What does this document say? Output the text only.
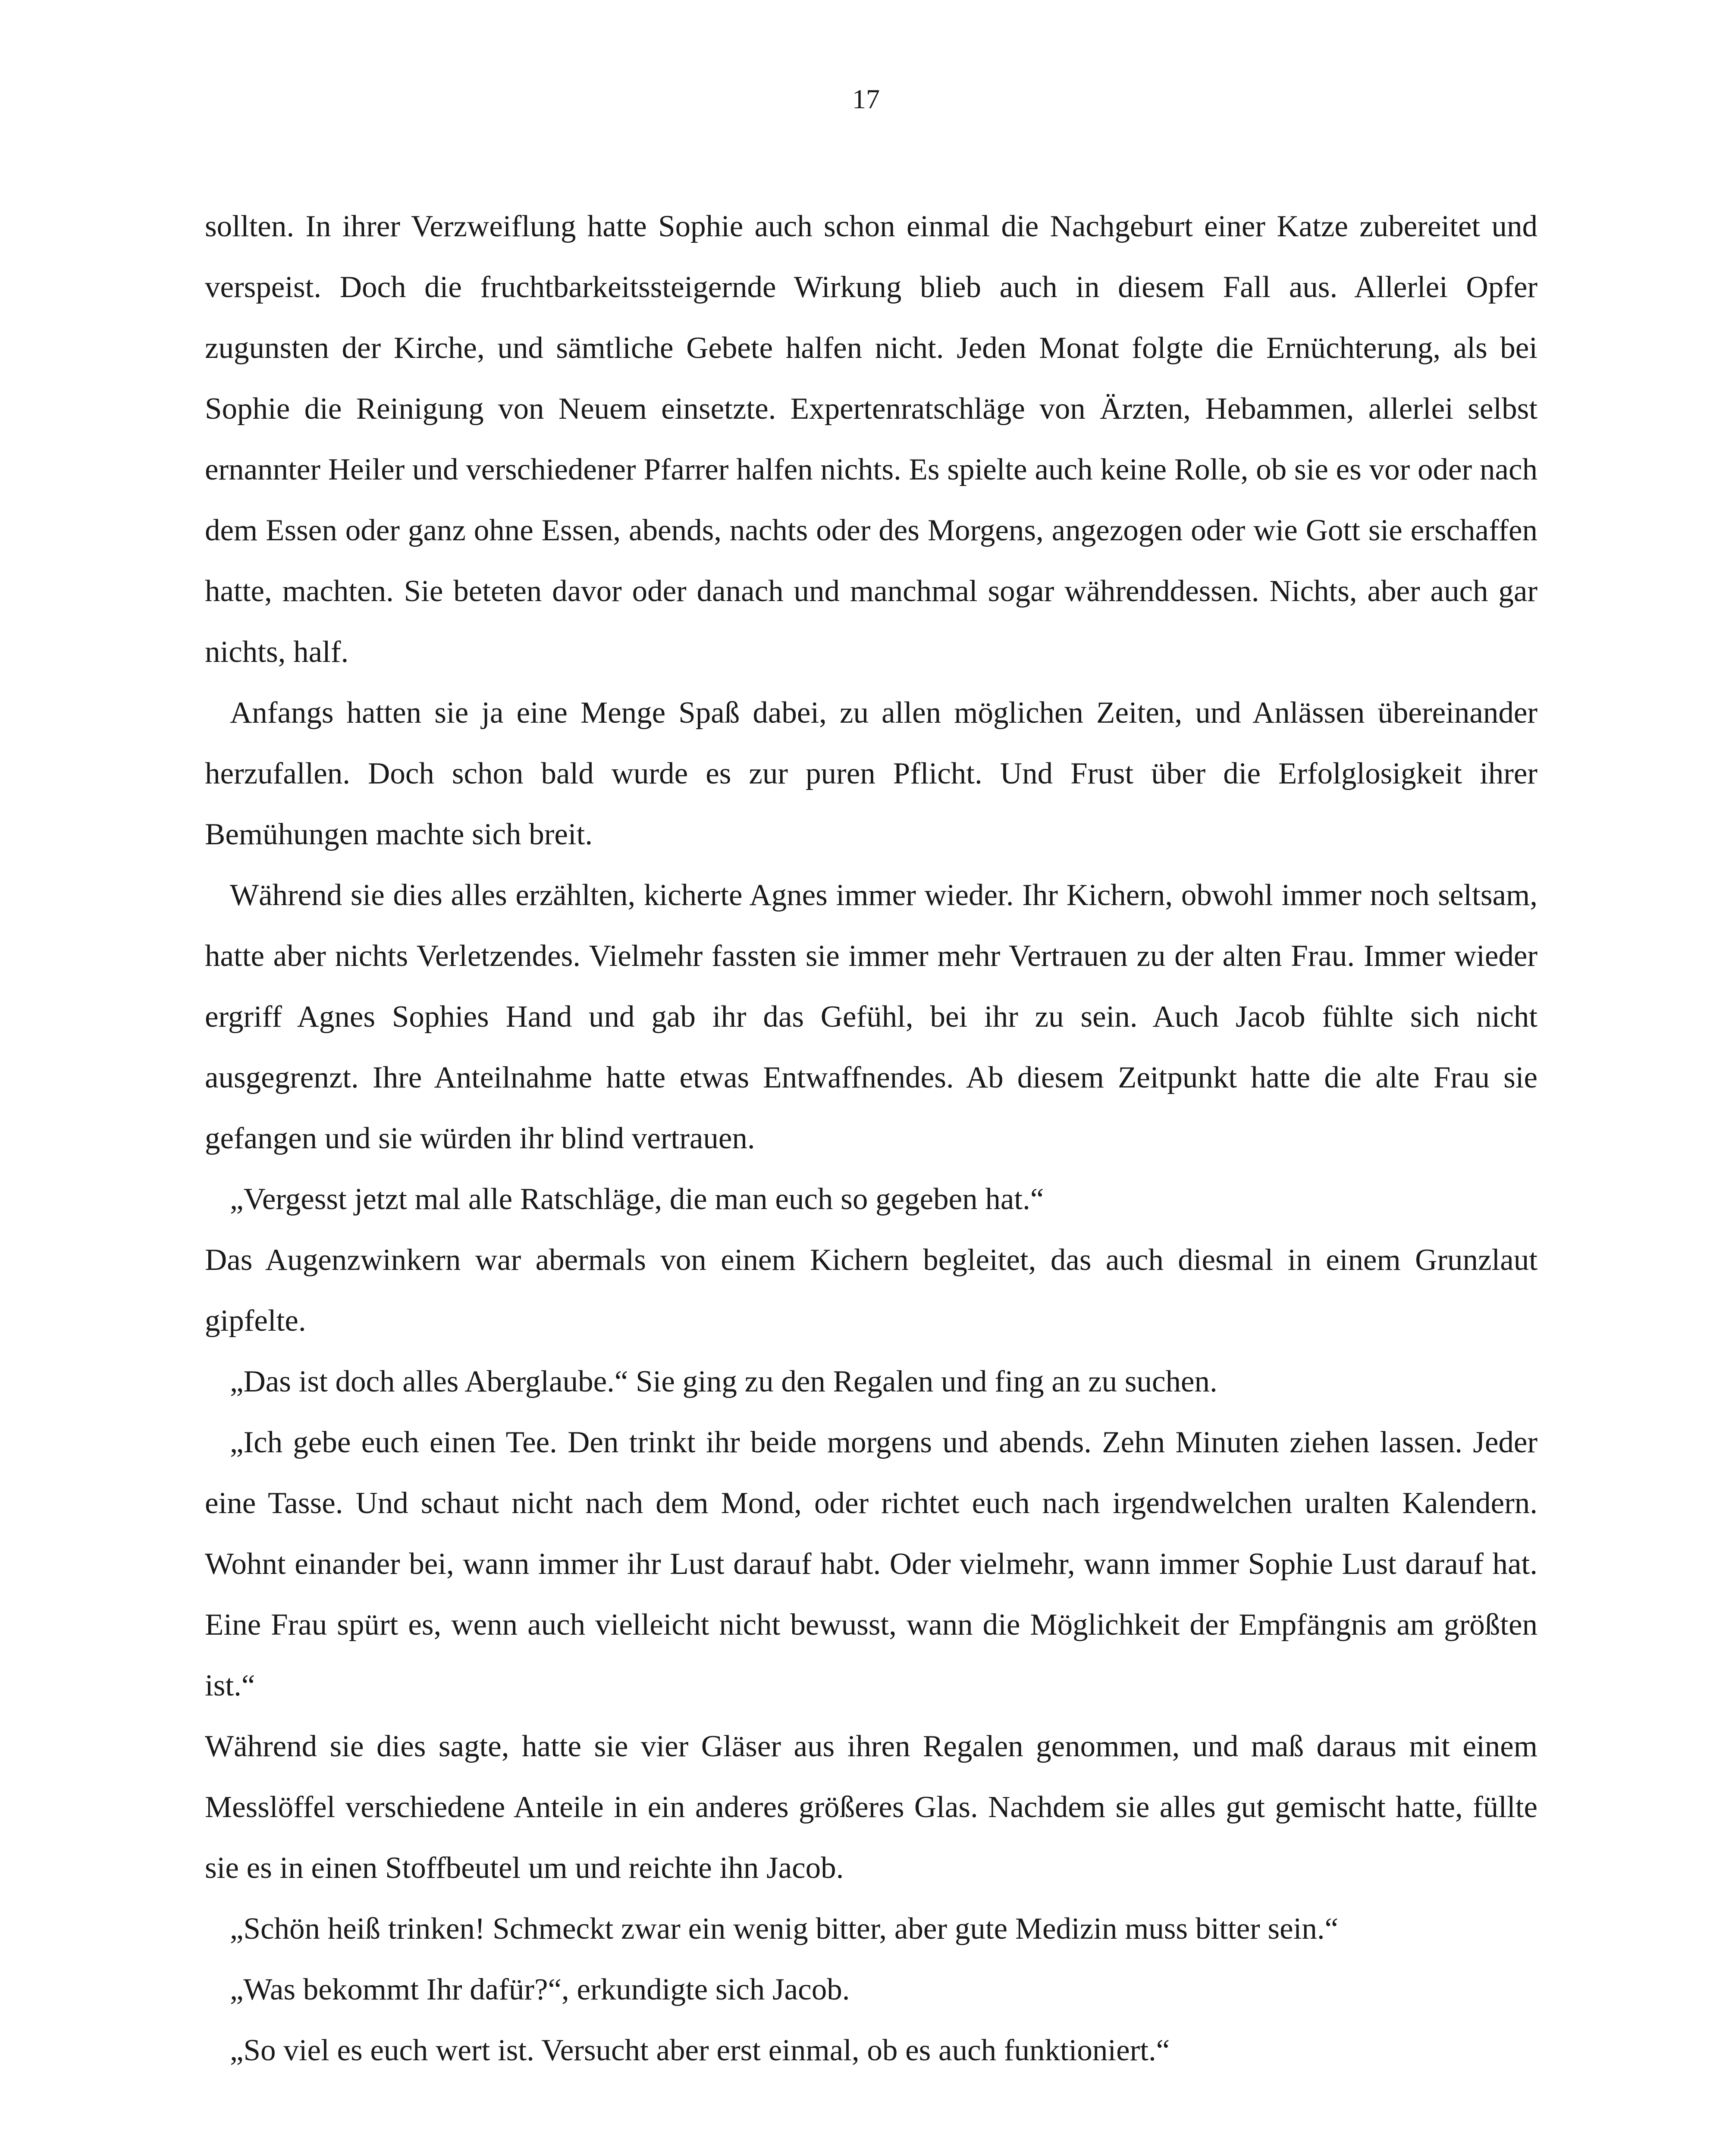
17

sollten. In ihrer Verzweiflung hatte Sophie auch schon einmal die Nachgeburt einer Katze zubereitet und verspeist. Doch die fruchtbarkeitssteigernde Wirkung blieb auch in diesem Fall aus. Allerlei Opfer zugunsten der Kirche, und sämtliche Gebete halfen nicht. Jeden Monat folgte die Ernüchterung, als bei Sophie die Reinigung von Neuem einsetzte. Expertenratschläge von Ärzten, Hebammen, allerlei selbst ernannter Heiler und verschiedener Pfarrer halfen nichts. Es spielte auch keine Rolle, ob sie es vor oder nach dem Essen oder ganz ohne Essen, abends, nachts oder des Morgens, angezogen oder wie Gott sie erschaffen hatte, machten. Sie beteten davor oder danach und manchmal sogar währenddessen. Nichts, aber auch gar nichts, half.

Anfangs hatten sie ja eine Menge Spaß dabei, zu allen möglichen Zeiten, und Anlässen übereinander herzufallen. Doch schon bald wurde es zur puren Pflicht. Und Frust über die Erfolglosigkeit ihrer Bemühungen machte sich breit.

Während sie dies alles erzählten, kicherte Agnes immer wieder. Ihr Kichern, obwohl immer noch seltsam, hatte aber nichts Verletzendes. Vielmehr fassten sie immer mehr Vertrauen zu der alten Frau. Immer wieder ergriff Agnes Sophies Hand und gab ihr das Gefühl, bei ihr zu sein. Auch Jacob fühlte sich nicht ausgegrenzt. Ihre Anteilnahme hatte etwas Entwaffnendes. Ab diesem Zeitpunkt hatte die alte Frau sie gefangen und sie würden ihr blind vertrauen.

„Vergesst jetzt mal alle Ratschläge, die man euch so gegeben hat.“

Das Augenzwinkern war abermals von einem Kichern begleitet, das auch diesmal in einem Grunzlaut gipfelte.

„Das ist doch alles Aberglaube.“ Sie ging zu den Regalen und fing an zu suchen.

„Ich gebe euch einen Tee. Den trinkt ihr beide morgens und abends. Zehn Minuten ziehen lassen. Jeder eine Tasse. Und schaut nicht nach dem Mond, oder richtet euch nach irgendwelchen uralten Kalendern. Wohnt einander bei, wann immer ihr Lust darauf habt. Oder vielmehr, wann immer Sophie Lust darauf hat. Eine Frau spürt es, wenn auch vielleicht nicht bewusst, wann die Möglichkeit der Empfängnis am größten ist.“

Während sie dies sagte, hatte sie vier Gläser aus ihren Regalen genommen, und maß daraus mit einem Messlöffel verschiedene Anteile in ein anderes größeres Glas. Nachdem sie alles gut gemischt hatte, füllte sie es in einen Stoffbeutel um und reichte ihn Jacob.

„Schön heiß trinken! Schmeckt zwar ein wenig bitter, aber gute Medizin muss bitter sein.“

„Was bekommt Ihr dafür?“, erkundigte sich Jacob.

„So viel es euch wert ist. Versucht aber erst einmal, ob es auch funktioniert.“
